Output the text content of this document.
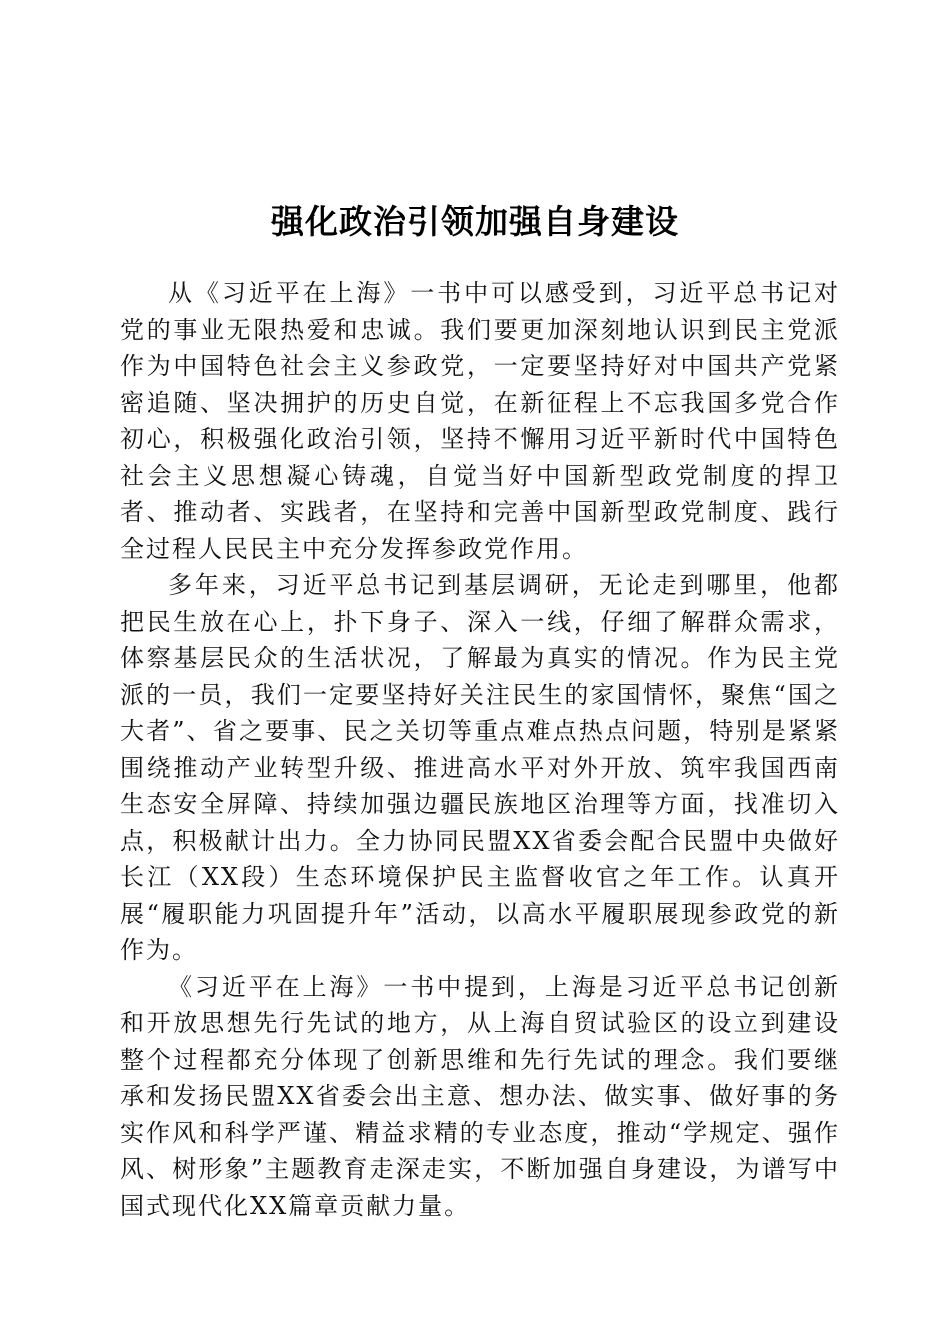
强化政治引领加强自身建设

从《习近平在上海》一书中可以感受到，习近平总书记对党的事业无限热爱和忠诚。我们要更加深刻地认识到民主党派作为中国特色社会主义参政党，一定要坚持好对中国共产党紧密追随、坚决拥护的历史自觉，在新征程上不忘我国多党合作初心，积极强化政治引领，坚持不懈用习近平新时代中国特色社会主义思想凝心铸魂，自觉当好中国新型政党制度的捍卫者、推动者、实践者，在坚持和完善中国新型政党制度、践行全过程人民民主中充分发挥参政党作用。

多年来，习近平总书记到基层调研，无论走到哪里，他都把民生放在心上，扑下身子、深入一线，仔细了解群众需求，体察基层民众的生活状况，了解最为真实的情况。作为民主党派的一员，我们一定要坚持好关注民生的家国情怀，聚焦“国之大者”、省之要事、民之关切等重点难点热点问题，特别是紧紧围绕推动产业转型升级、推进高水平对外开放、筑牢我国西南生态安全屏障、持续加强边疆民族地区治理等方面，找准切入点，积极献计出力。全力协同民盟XX省委会配合民盟中央做好长江（XX段）生态环境保护民主监督收官之年工作。认真开展“履职能力巩固提升年”活动，以高水平履职展现参政党的新作为。

《习近平在上海》一书中提到，上海是习近平总书记创新和开放思想先行先试的地方，从上海自贸试验区的设立到建设整个过程都充分体现了创新思维和先行先试的理念。我们要继承和发扬民盟XX省委会出主意、想办法、做实事、做好事的务实作风和科学严谨、精益求精的专业态度，推动“学规定、强作风、树形象”主题教育走深走实，不断加强自身建设，为谱写中国式现代化XX篇章贡献力量。
